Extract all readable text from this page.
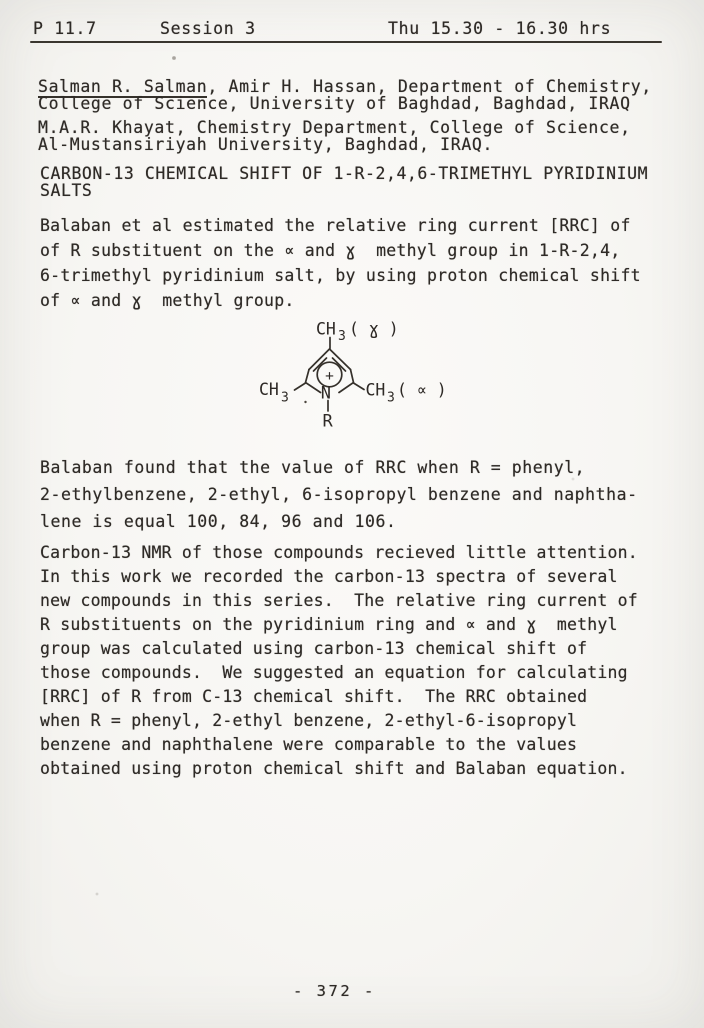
P 11.7	Session 3	Thu 15.30 - 16.30 hrs
Salman R. Salman, Amir H. Hassan, Department of Chemistry,
College of Science, University of Baghdad, Baghdad, IRAQ
M.A.R. Khayat, Chemistry Department, College of Science,
Al-Mustansiriyah University, Baghdad, IRAQ.
CARBON-13 CHEMICAL SHIFT OF 1-R-2,4,6-TRIMETHYL PYRIDINIUM
SALTS
Balaban et al estimated the relative ring current [RRC] of
of R substituent on the ∝ and ɣ  methyl group in 1-R-2,4,
6-trimethyl pyridinium salt, by using proton chemical shift
of ∝ and ɣ  methyl group.
+
CH 3 ( ɣ )
CH 3	CH 3 ( ∝ )
N
R
Balaban found that the value of RRC when R = phenyl,
2-ethylbenzene, 2-ethyl, 6-isopropyl benzene and naphtha-
lene is equal 100, 84, 96 and 106.
Carbon-13 NMR of those compounds recieved little attention.
In this work we recorded the carbon-13 spectra of several
new compounds in this series.  The relative ring current of
R substituents on the pyridinium ring and ∝ and ɣ  methyl
group was calculated using carbon-13 chemical shift of
those compounds.  We suggested an equation for calculating
[RRC] of R from C-13 chemical shift.  The RRC obtained
when R = phenyl, 2-ethyl benzene, 2-ethyl-6-isopropyl
benzene and naphthalene were comparable to the values
obtained using proton chemical shift and Balaban equation.
- 372 -
